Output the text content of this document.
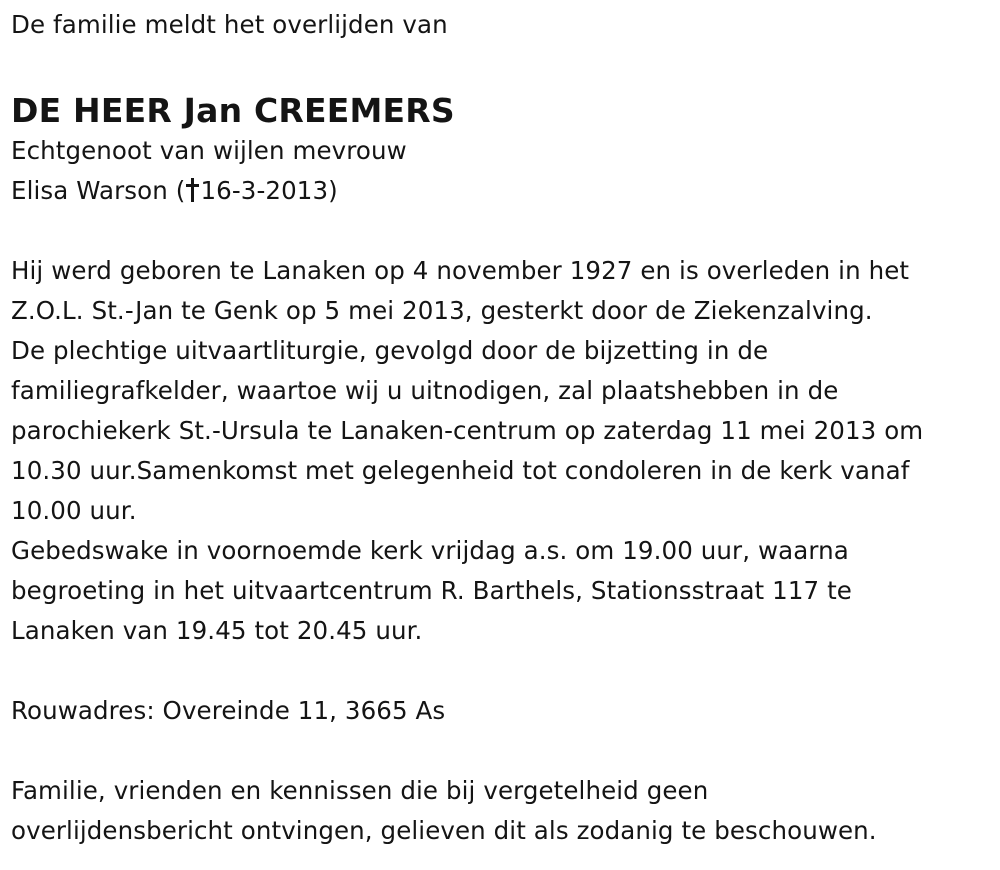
De familie meldt het overlijden van
DE HEER Jan CREEMERS
Echtgenoot van wijlen mevrouw
Elisa Warson ( 16-3-2013)
Hij werd geboren te Lanaken op 4 november 1927 en is overleden in het
Z.O.L. St.-Jan te Genk op 5 mei 2013, gesterkt door de Ziekenzalving.
De plechtige uitvaartliturgie, gevolgd door de bijzetting in de
familiegrafkelder, waartoe wij u uitnodigen, zal plaatshebben in de
parochiekerk St.-Ursula te Lanaken-centrum op zaterdag 11 mei 2013 om
10.30 uur.Samenkomst met gelegenheid tot condoleren in de kerk vanaf
10.00 uur.
Gebedswake in voornoemde kerk vrijdag a.s. om 19.00 uur, waarna
begroeting in het uitvaartcentrum R. Barthels, Stationsstraat 117 te
Lanaken van 19.45 tot 20.45 uur.
Rouwadres: Overeinde 11, 3665 As
Familie, vrienden en kennissen die bij vergetelheid geen
overlijdensbericht ontvingen, gelieven dit als zodanig te beschouwen.
